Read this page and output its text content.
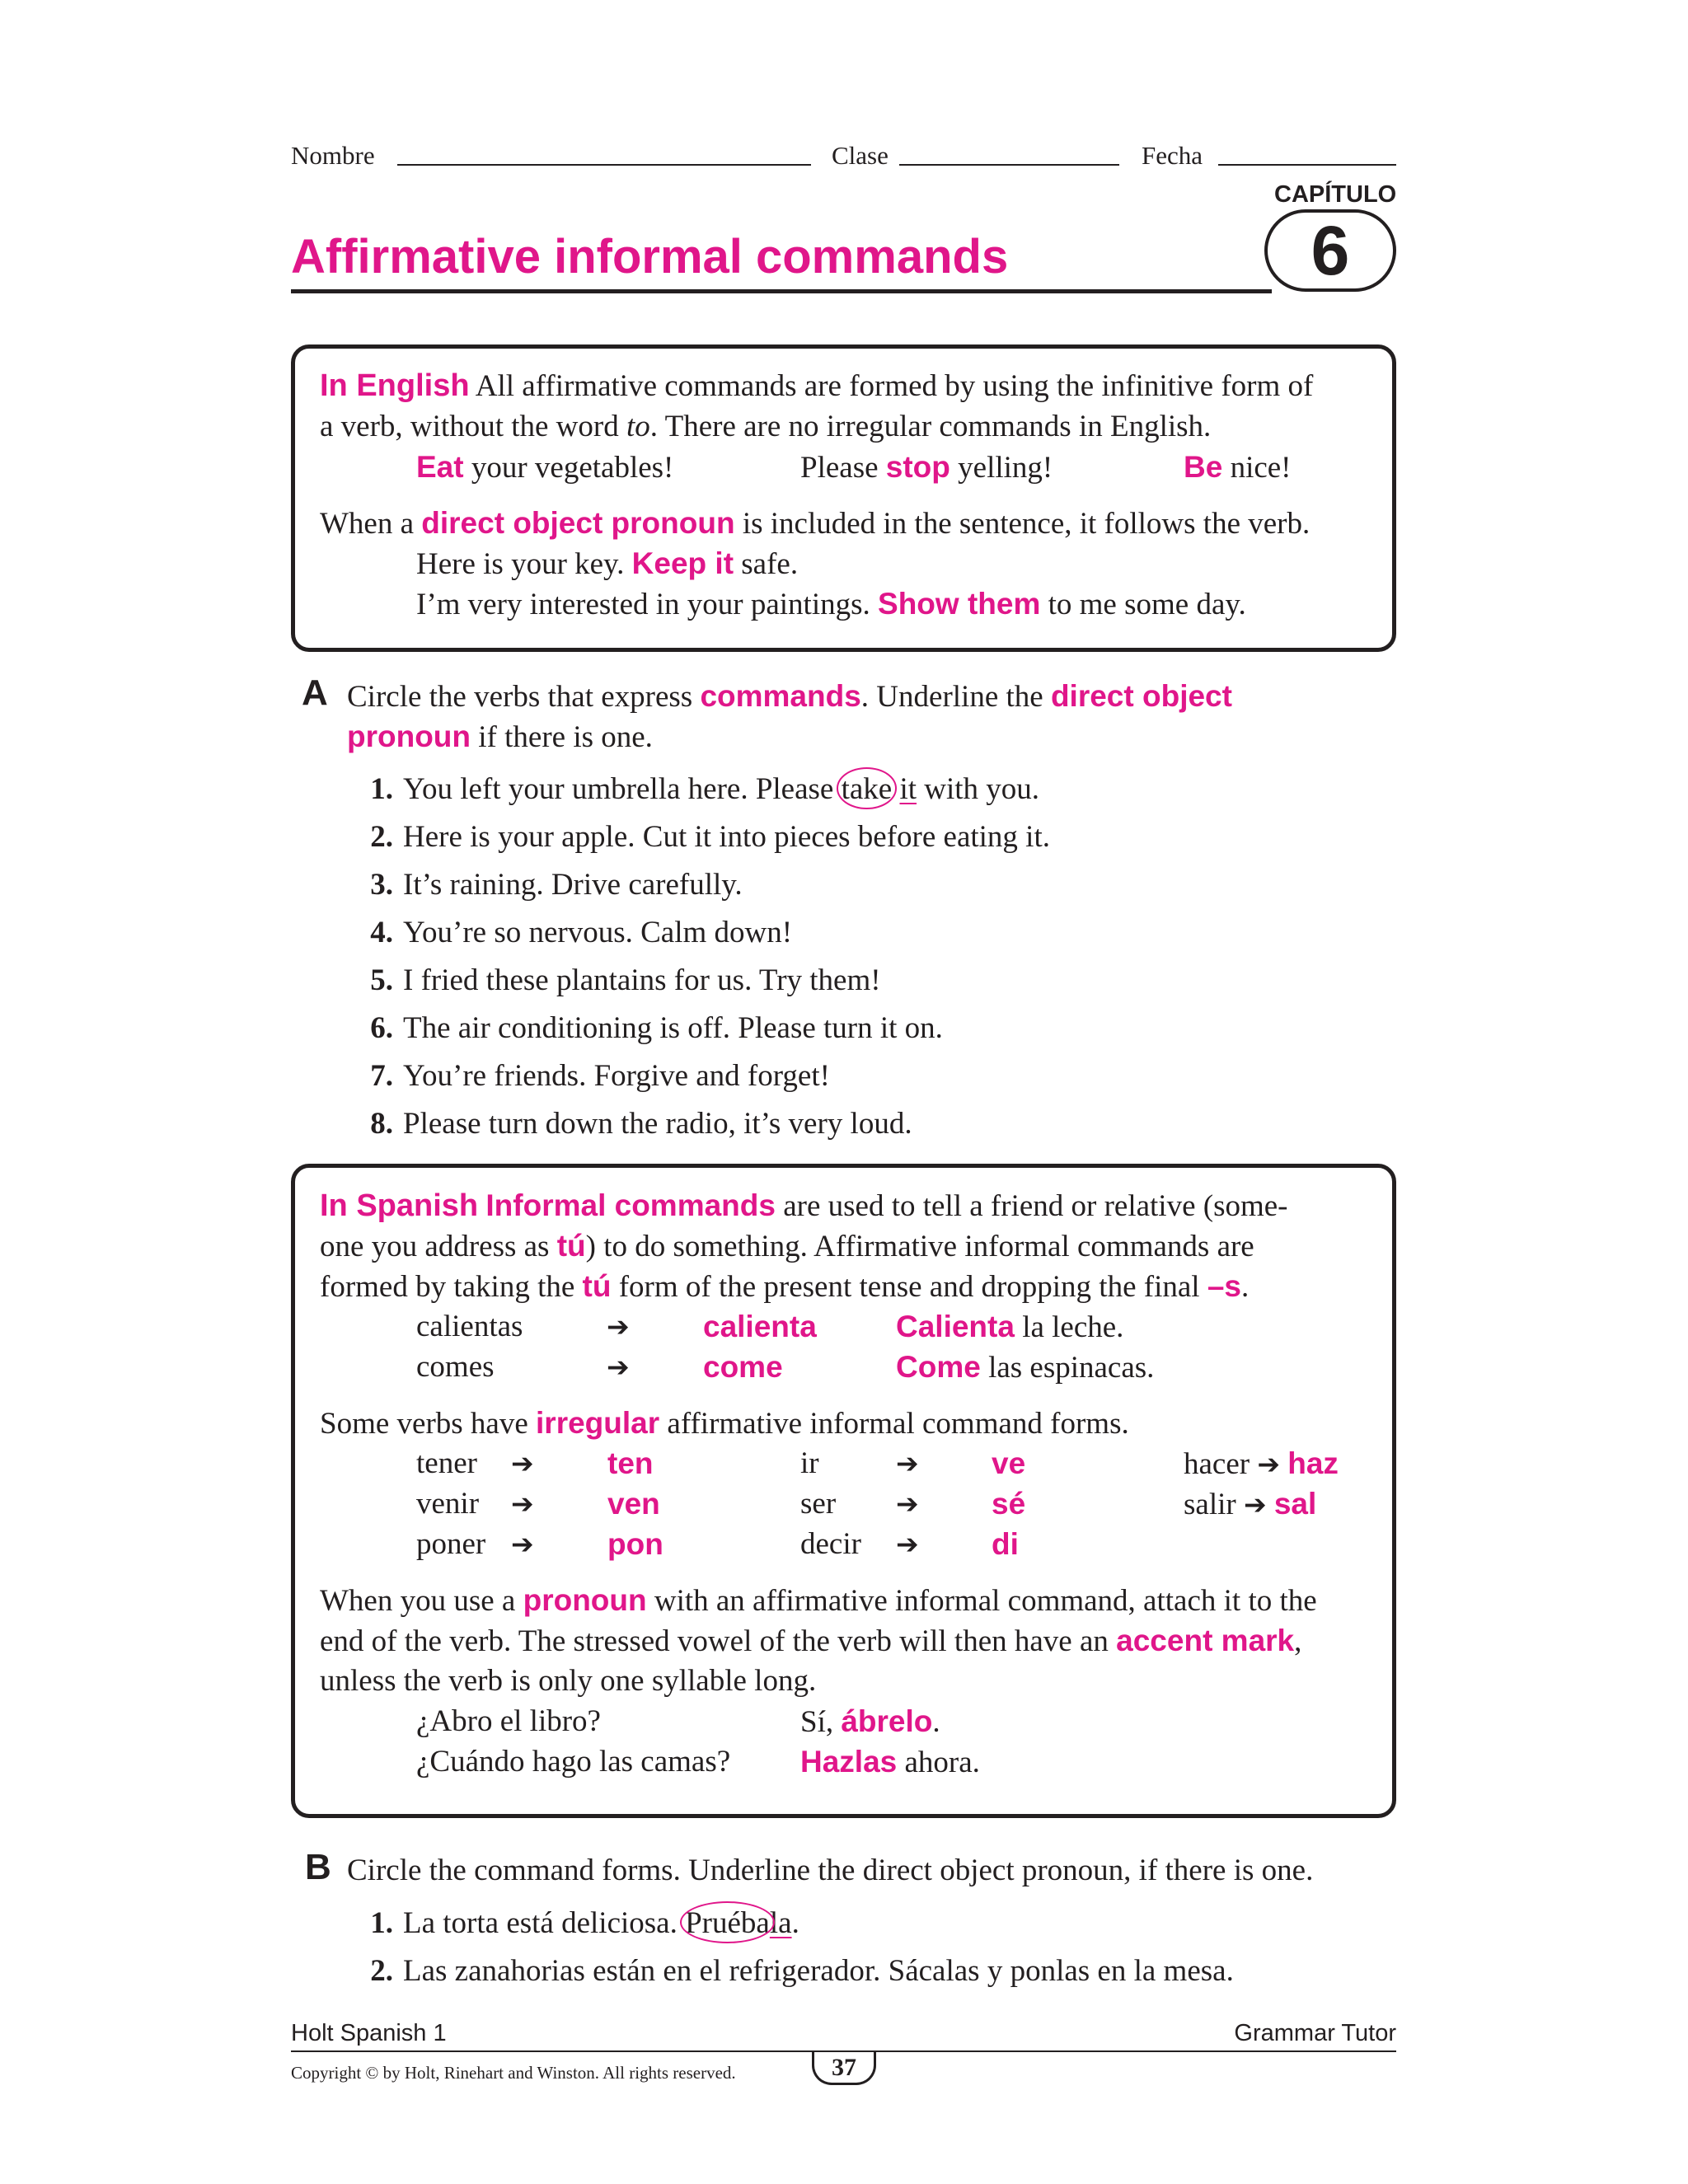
Nombre	Clase	Fecha
CAPÍTULO
6
Affirmative informal commands
In English All affirmative commands are formed by using the infinitive form of
a verb, without the word to. There are no irregular commands in English.
Eat your vegetables!	Please stop yelling!	Be nice!
When a direct object pronoun is included in the sentence, it follows the verb.
Here is your key. Keep it safe.
I’m very interested in your paintings. Show them to me some day.
A Circle the verbs that express commands. Underline the direct object
pronoun if there is one.
1. You left your umbrella here. Please take it with you.
2. Here is your apple. Cut it into pieces before eating it.
3. It’s raining. Drive carefully.
4. You’re so nervous. Calm down!
5. I fried these plantains for us. Try them!
6. The air conditioning is off. Please turn it on.
7. You’re friends. Forgive and forget!
8. Please turn down the radio, it’s very loud.
In Spanish Informal commands are used to tell a friend or relative (some-
one you address as tú) to do something. Affirmative informal commands are
formed by taking the tú form of the present tense and dropping the final –s.
calientas	➔ calienta	Calienta la leche.
comes	➔ come	Come las espinacas.
Some verbs have irregular affirmative informal command forms.
tener ➔ ten	ir	➔ ve	hacer ➔ haz
venir ➔ ven	ser ➔ sé	salir ➔ sal
poner ➔ pon	decir ➔ di
When you use a pronoun with an affirmative informal command, attach it to the
end of the verb. The stressed vowel of the verb will then have an accent mark,
unless the verb is only one syllable long.
¿Abro el libro?	Sí, ábrelo.
¿Cuándo hago las camas? Hazlas ahora.
B Circle the command forms. Underline the direct object pronoun, if there is one.
1. La torta está deliciosa. Pruébala.
2. Las zanahorias están en el refrigerador. Sácalas y ponlas en la mesa.
Holt Spanish 1	Grammar Tutor
Copyright © by Holt, Rinehart and Winston. All rights reserved.	37
